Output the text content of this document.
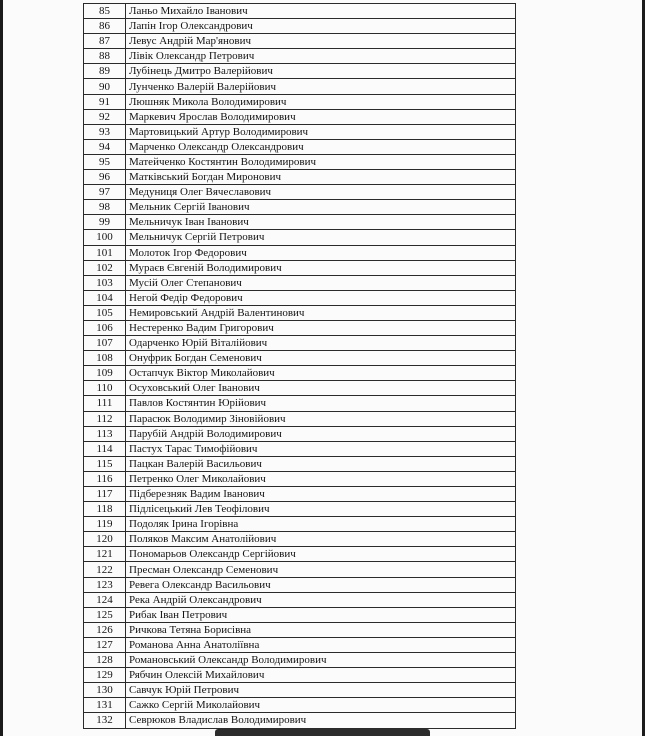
85	Ланьо Михайло Іванович
86	Лапін Ігор Олександрович
87	Левус Андрій Мар'янович
88	Лівік Олександр Петрович
89	Лубінець Дмитро Валерійович
90	Лунченко Валерій Валерійович
91	Люшняк Микола Володимирович
92	Маркевич Ярослав Володимирович
93	Мартовицький Артур Володимирович
94	Марченко Олександр Олександрович
95	Матейченко Костянтин Володимирович
96	Матківський Богдан Миронович
97	Медуниця Олег Вячеславович
98	Мельник Сергій Іванович
99	Мельничук Іван Іванович
100	Мельничук Сергій Петрович
101	Молоток Ігор Федорович
102	Мураєв Євгеній Володимирович
103	Мусій Олег Степанович
104	Негой Федір Федорович
105	Немировський Андрій Валентинович
106	Нестеренко Вадим Григорович
107	Одарченко Юрій Віталійович
108	Онуфрик Богдан Семенович
109	Остапчук Віктор Миколайович
110	Осуховський Олег Іванович
111	Павлов Костянтин Юрійович
112	Парасюк Володимир Зіновійович
113	Парубій Андрій Володимирович
114	Пастух Тарас Тимофійович
115	Пацкан Валерій Васильович
116	Петренко Олег Миколайович
117	Підберезняк Вадим Іванович
118	Підлісецький Лев Теофілович
119	Подоляк Ірина Ігорівна
120	Поляков Максим Анатолійович
121	Пономарьов Олександр Сергійович
122	Пресман Олександр Семенович
123	Ревега Олександр Васильович
124	Река Андрій Олександрович
125	Рибак Іван Петрович
126	Ричкова Тетяна Борисівна
127	Романова Анна Анатоліївна
128	Романовський Олександр Володимирович
129	Рябчин Олексій Михайлович
130	Савчук Юрій Петрович
131	Сажко Сергій Миколайович
132	Севрюков Владислав Володимирович
